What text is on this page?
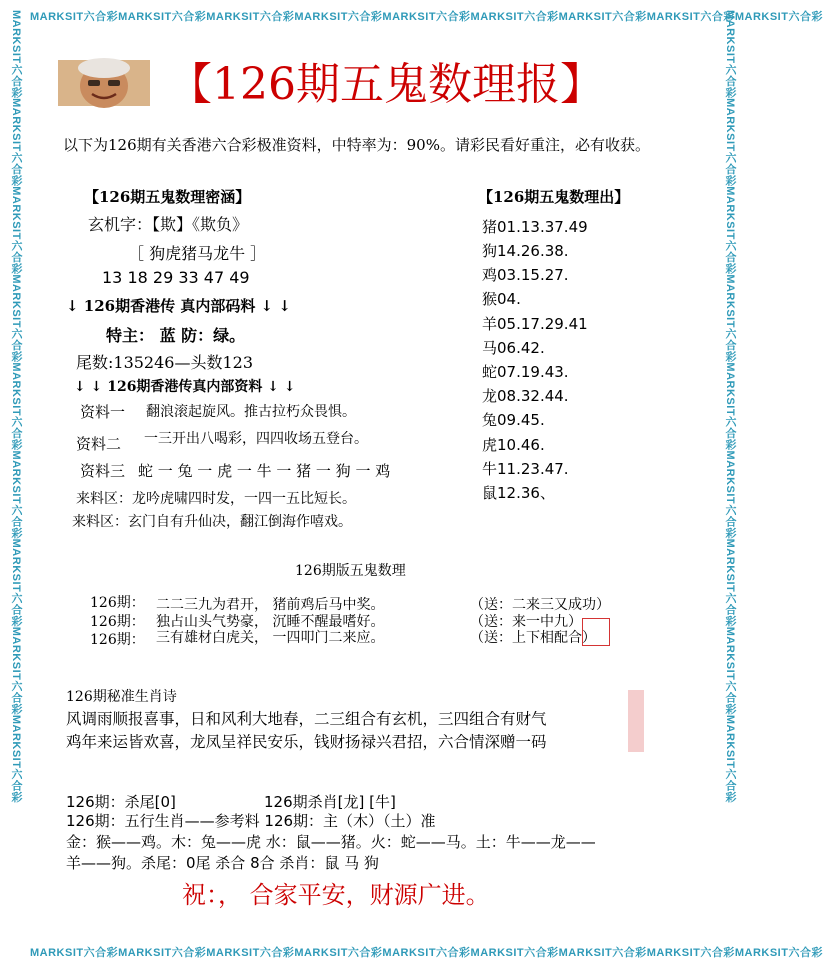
MARKSIT六合彩MARKSIT六合彩MARKSIT六合彩MARKSIT六合彩MARKSIT六合彩MARKSIT六合彩MARKSIT六合彩MARKSIT六合彩MARKSIT六合彩
MARKSIT六合彩MARKSIT六合彩MARKSIT六合彩MARKSIT六合彩MARKSIT六合彩MARKSIT六合彩MARKSIT六合彩MARKSIT六合彩MARKSIT六合彩
MARKSIT六合彩MARKSIT六合彩MARKSIT六合彩MARKSIT六合彩MARKSIT六合彩MARKSIT六合彩MARKSIT六合彩MARKSIT六合彩MARKSIT六合彩	MARKSIT六合彩MARKSIT六合彩MARKSIT六合彩MARKSIT六合彩MARKSIT六合彩MARKSIT六合彩MARKSIT六合彩MARKSIT六合彩MARKSIT六合彩
【126期五鬼数理报】
以下为126期有关香港六合彩极准资料，中特率为：90%。请彩民看好重注，必有收获。
【126期五鬼数理密涵】
玄机字：【欺】《欺负》
［ 狗虎猪马龙牛 ］
13 18 29 33 47 49
↓ 126期香港传 真内部码料 ↓ ↓
特主： 蓝 防：绿。
尾数:135246—头数123
↓ ↓ 126期香港传真内部资料 ↓ ↓
资料一 翻浪滚起旋风。推古拉朽众畏惧。
资料二 一三开出八喝彩，四四收场五登台。
资料三 蛇 一 兔 一 虎 一 牛 一 猪 一 狗 一 鸡
来料区：龙吟虎啸四时发，一四一五比短长。
来料区：玄门自有升仙决，翻江倒海作嘻戏。
【126期五鬼数理出】
猪01.13.37.49
狗14.26.38.
鸡03.15.27.
猴04.
羊05.17.29.41
马06.42.
蛇07.19.43.
龙08.32.44.
兔09.45.
虎10.46.
牛11.23.47.
鼠12.36、
126期版五鬼数理
126期： 二二三九为君开， 猪前鸡后马中奖。	（送：二来三又成功）
126期： 独占山头气势豪， 沉睡不醒最嗜好。	（送：来一中九）
126期： 三有雄材白虎关， 一四叩门二来应。	（送：上下相配合）
126期秘准生肖诗
风调雨顺报喜事，日和风利大地春，二三组合有玄机，三四组合有财气
鸡年来运皆欢喜，龙凤呈祥民安乐，钱财扬禄兴君招，六合情深赠一码
126期：杀尾[0]	126期杀肖[龙] [牛]
126期：五行生肖——参考料 126期：主（木）（土）准
金：猴——鸡。木：兔——虎 水：鼠——猪。火：蛇——马。土：牛——龙——
羊——狗。杀尾：0尾 杀合 8合 杀肖：鼠 马 狗
祝：， 合家平安，财源广进。
